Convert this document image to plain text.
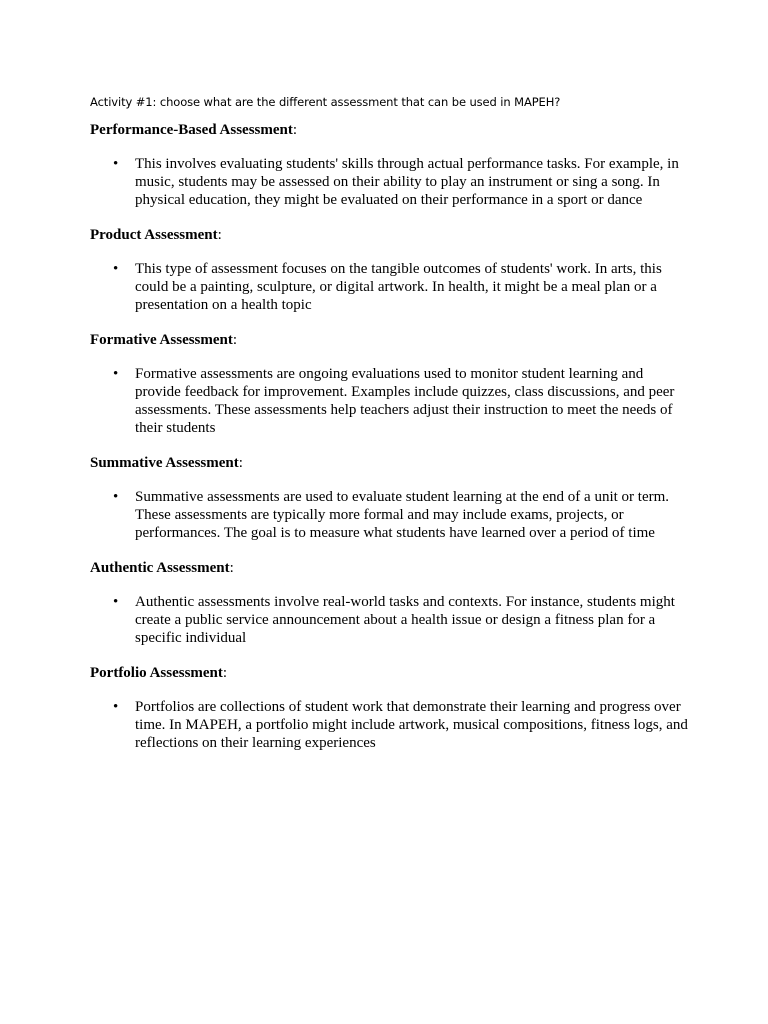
Activity #1: choose what are the different assessment that can be used in MAPEH?

Performance-Based Assessment:

• This involves evaluating students' skills through actual performance tasks. For example, in music, students may be assessed on their ability to play an instrument or sing a song. In physical education, they might be evaluated on their performance in a sport or dance

Product Assessment:

• This type of assessment focuses on the tangible outcomes of students' work. In arts, this could be a painting, sculpture, or digital artwork. In health, it might be a meal plan or a presentation on a health topic

Formative Assessment:

• Formative assessments are ongoing evaluations used to monitor student learning and provide feedback for improvement. Examples include quizzes, class discussions, and peer assessments. These assessments help teachers adjust their instruction to meet the needs of their students

Summative Assessment:

• Summative assessments are used to evaluate student learning at the end of a unit or term. These assessments are typically more formal and may include exams, projects, or performances. The goal is to measure what students have learned over a period of time

Authentic Assessment:

• Authentic assessments involve real-world tasks and contexts. For instance, students might create a public service announcement about a health issue or design a fitness plan for a specific individual

Portfolio Assessment:

• Portfolios are collections of student work that demonstrate their learning and progress over time. In MAPEH, a portfolio might include artwork, musical compositions, fitness logs, and reflections on their learning experiences
